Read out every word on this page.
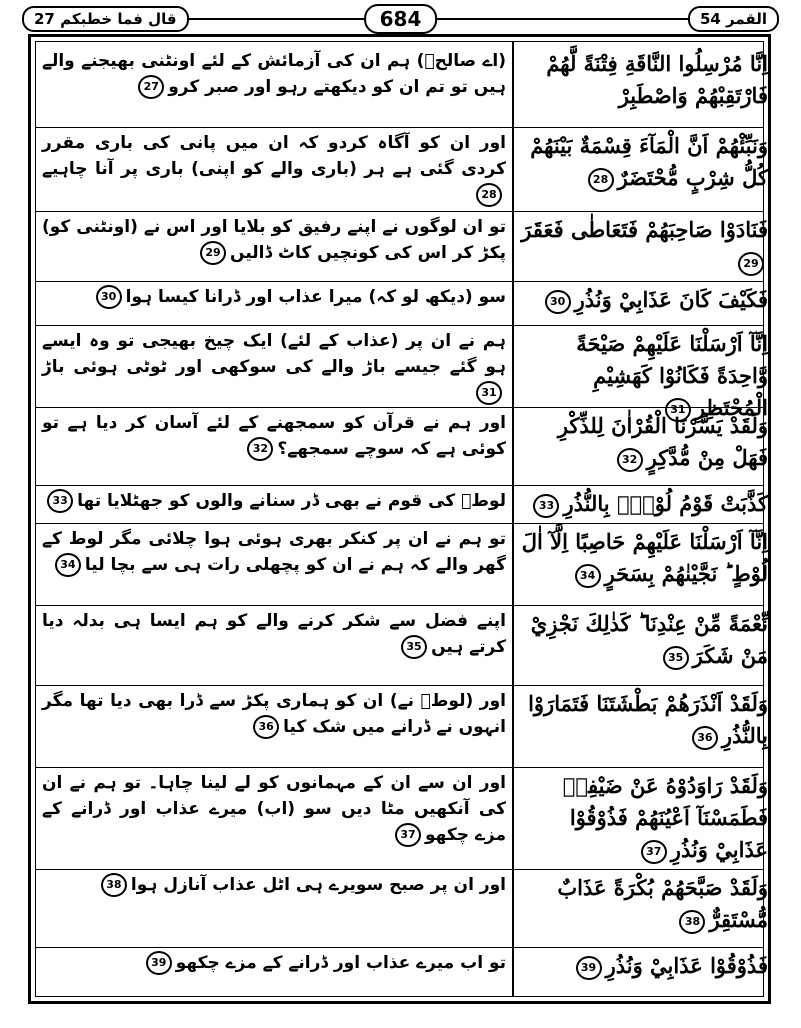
قال فما خطبكم 27	684	القمر 54
اِنَّا مُرْسِلُوا النَّاقَةِ فِتْنَةً لَّهُمْ فَارْتَقِبْهُمْ وَاصْطَبِرْ
(اے صالحؑ) ہم ان کی آزمائش کے لئے اونٹنی بھیجنے والے ہیں تو تم ان کو دیکھتے رہو اور صبر کرو27
وَنَبِّئْهُمْ اَنَّ الْمَآءَ قِسْمَةٌ بَيْنَهُمْ كُلُّ شِرْبٍ مُّحْتَضَرٌ28
اور ان کو آگاہ کردو کہ ان میں پانی کی باری مقرر کردی گئی ہے ہر (باری والے کو اپنی) باری پر آنا چاہیے28
فَنَادَوْا صَاحِبَهُمْ فَتَعَاطٰى فَعَقَرَ29
تو ان لوگوں نے اپنے رفیق کو بلایا اور اس نے (اونٹنی کو) پکڑ کر اس کی کونچیں کاٹ ڈالیں29
فَكَيْفَ كَانَ عَذَابِيْ وَنُذُرِ30
سو (دیکھ لو کہ) میرا عذاب اور ڈرانا کیسا ہوا30
اِنَّآ اَرْسَلْنَا عَلَيْهِمْ صَيْحَةً وَّاحِدَةً فَكَانُوْا كَهَشِيْمِ الْمُحْتَظِرِ31
ہم نے ان پر (عذاب کے لئے) ایک چیخ بھیجی تو وہ ایسے ہو گئے جیسے باڑ والے کی سوکھی اور ٹوٹی ہوئی باڑ31
وَلَقَدْ يَسَّرْنَا الْقُرْاٰنَ لِلذِّكْرِ فَهَلْ مِنْ مُّدَّكِرٍ32
اور ہم نے قرآن کو سمجھنے کے لئے آسان کر دیا ہے تو کوئی ہے کہ سوچے سمجھے؟32
كَذَّبَتْ قَوْمُ لُوْطٍۢ بِالنُّذُرِ33
لوطؑ کی قوم نے بھی ڈر سنانے والوں کو جھٹلایا تھا33
اِنَّآ اَرْسَلْنَا عَلَيْهِمْ حَاصِبًا اِلَّآ اٰلَ لُوْطٍ ؕ نَجَّيْنٰهُمْ بِسَحَرٍ34
تو ہم نے ان پر کنکر بھری ہوئی ہوا چلائی مگر لوط کے گھر والے کہ ہم نے ان کو پچھلی رات ہی سے بچا لیا34
نِّعْمَةً مِّنْ عِنْدِنَا ؕ كَذٰلِكَ نَجْزِيْ مَنْ شَكَرَ35
اپنے فضل سے شکر کرنے والے کو ہم ایسا ہی بدلہ دیا کرتے ہیں35
وَلَقَدْ اَنْذَرَهُمْ بَطْشَتَنَا فَتَمَارَوْا بِالنُّذُرِ36
اور (لوطؑ نے) ان کو ہماری پکڑ سے ڈرا بھی دیا تھا مگر انہوں نے ڈرانے میں شک کیا36
وَلَقَدْ رَاوَدُوْهُ عَنْ ضَيْفِهٖ فَطَمَسْنَآ اَعْيُنَهُمْ فَذُوْقُوْا عَذَابِيْ وَنُذُرِ37
اور ان سے ان کے مہمانوں کو لے لینا چاہا۔ تو ہم نے ان کی آنکھیں مٹا دیں سو (اب) میرے عذاب اور ڈرانے کے مزے چکھو37
وَلَقَدْ صَبَّحَهُمْ بُكْرَةً عَذَابٌ مُّسْتَقِرٌّ38
اور ان پر صبح سویرے ہی اٹل عذاب آنازل ہوا38
فَذُوْقُوْا عَذَابِيْ وَنُذُرِ39
تو اب میرے عذاب اور ڈرانے کے مزے چکھو39
